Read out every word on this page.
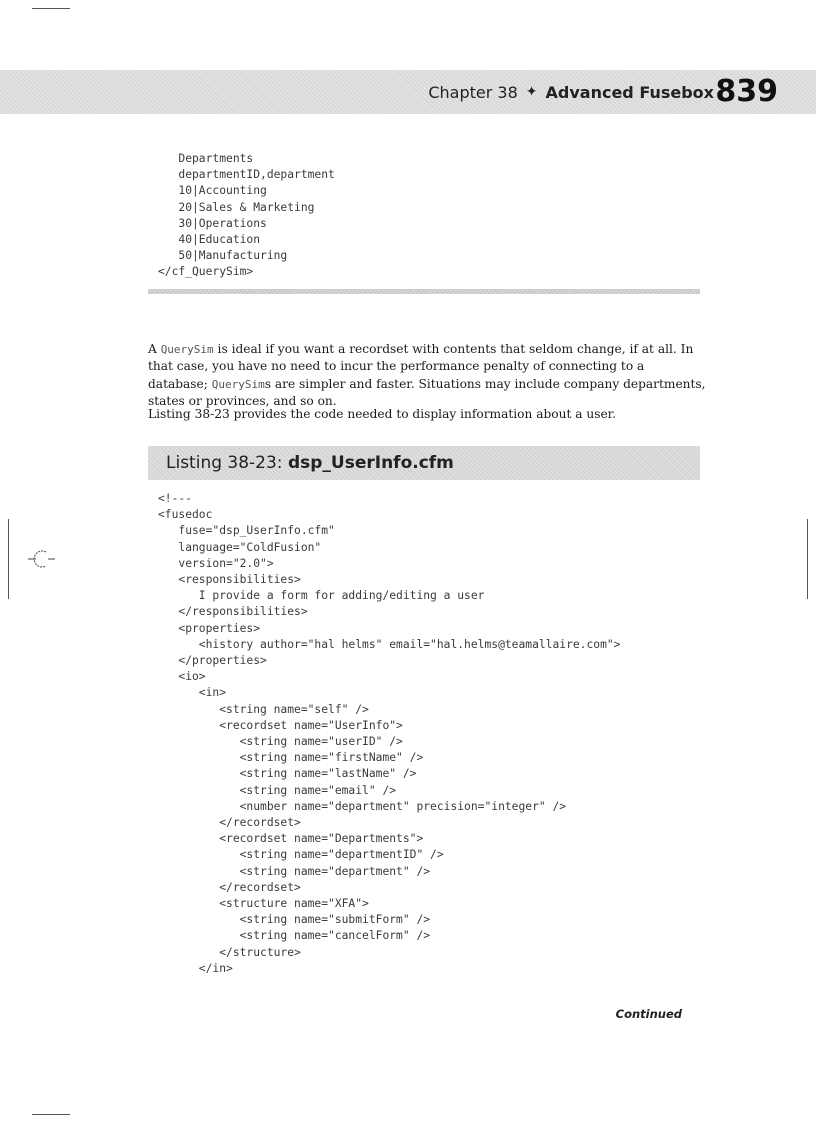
Chapter 38 ✦ Advanced Fusebox 839
Departments
departmentID,department
10|Accounting
20|Sales & Marketing
30|Operations
40|Education
50|Manufacturing
</cf_QuerySim>

A QuerySim is ideal if you want a recordset with contents that seldom change, if at all. In that case, you have no need to incur the performance penalty of connecting to a database; QuerySims are simpler and faster. Situations may include company departments, states or provinces, and so on.

Listing 38-23 provides the code needed to display information about a user.

Listing 38-23: dsp_UserInfo.cfm
<!---
<fusedoc
fuse="dsp_UserInfo.cfm"
language="ColdFusion"
version="2.0">
<responsibilities>
I provide a form for adding/editing a user
</responsibilities>
<properties>
<history author="hal helms" email="hal.helms@teamallaire.com">
</properties>
<io>
<in>
<string name="self" />
<recordset name="UserInfo">
<string name="userID" />
<string name="firstName" />
<string name="lastName" />
<string name="email" />
<number name="department" precision="integer" />
</recordset>
<recordset name="Departments">
<string name="departmentID" />
<string name="department" />
</recordset>
<structure name="XFA">
<string name="submitForm" />
<string name="cancelForm" />
</structure>
</in>
Continued
